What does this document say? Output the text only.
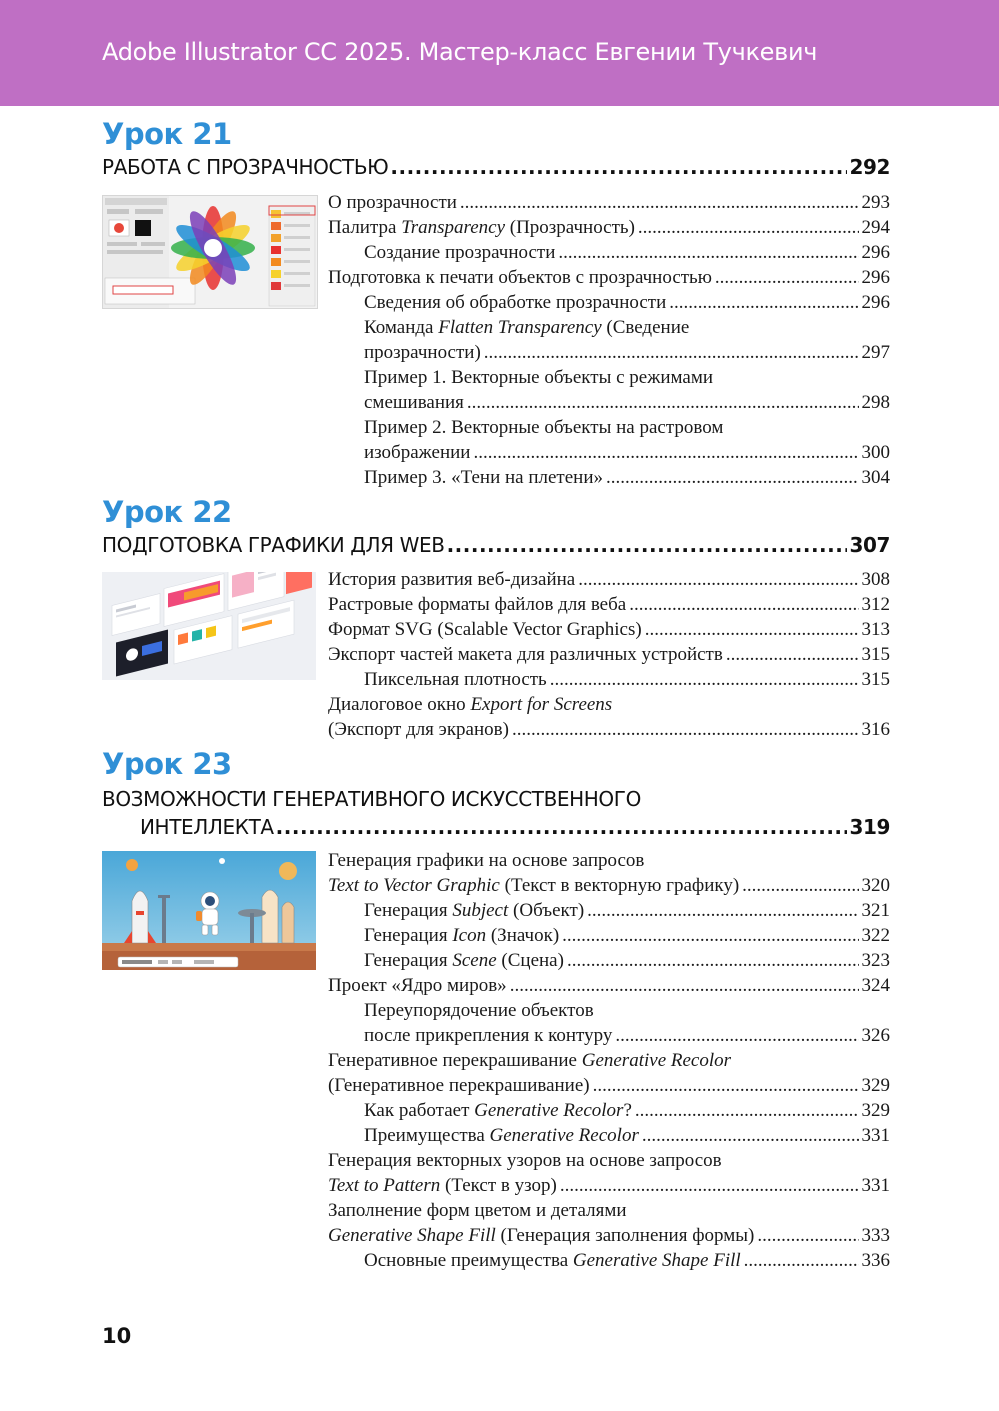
Adobe Illustrator CC 2025. Мастер-класс Евгении Тучкевич
Урок 21
РАБОТА С ПРОЗРАЧНОСТЬЮ .....	292
О прозрачности .....	293
Палитра Transparency (Прозрачность) .....	294
Создание прозрачности .....	296
Подготовка к печати объектов с прозрачностью .....	296
Сведения об обработке прозрачности .....	296
Команда Flatten Transparency (Сведение
прозрачности) .....	297
Пример 1. Векторные объекты с режимами
смешивания .....	298
Пример 2. Векторные объекты на растровом
изображении .....	300
Пример 3. «Тени на плетени» .....	304
Урок 22
ПОДГОТОВКА ГРАФИКИ ДЛЯ WEB .....	307
История развития веб-дизайна .....	308
Растровые форматы файлов для веба .....	312
Формат SVG (Scalable Vector Graphics) .....	313
Экспорт частей макета для различных устройств .....	315
Пиксельная плотность .....	315
Диалоговое окно Export for Screens
(Экспорт для экранов) .....	316
Урок 23
ВОЗМОЖНОСТИ ГЕНЕРАТИВНОГО ИСКУССТВЕННОГО
ИНТЕЛЛЕКТА .....	319
Генерация графики на основе запросов
Text to Vector Graphic (Текст в векторную графику) .....	320
Генерация Subject (Объект) .....	321
Генерация Icon (Значок) .....	322
Генерация Scene (Сцена) .....	323
Проект «Ядро миров» .....	324
Переупорядочение объектов
после прикрепления к контуру .....	326
Генеративное перекрашивание Generative Recolor
(Генеративное перекрашивание) .....	329
Как работает Generative Recolor? .....	329
Преимущества Generative Recolor .....	331
Генерация векторных узоров на основе запросов
Text to Pattern (Текст в узор) .....	331
Заполнение форм цветом и деталями
Generative Shape Fill (Генерация заполнения формы) .....	333
Основные преимущества Generative Shape Fill .....	336
10
